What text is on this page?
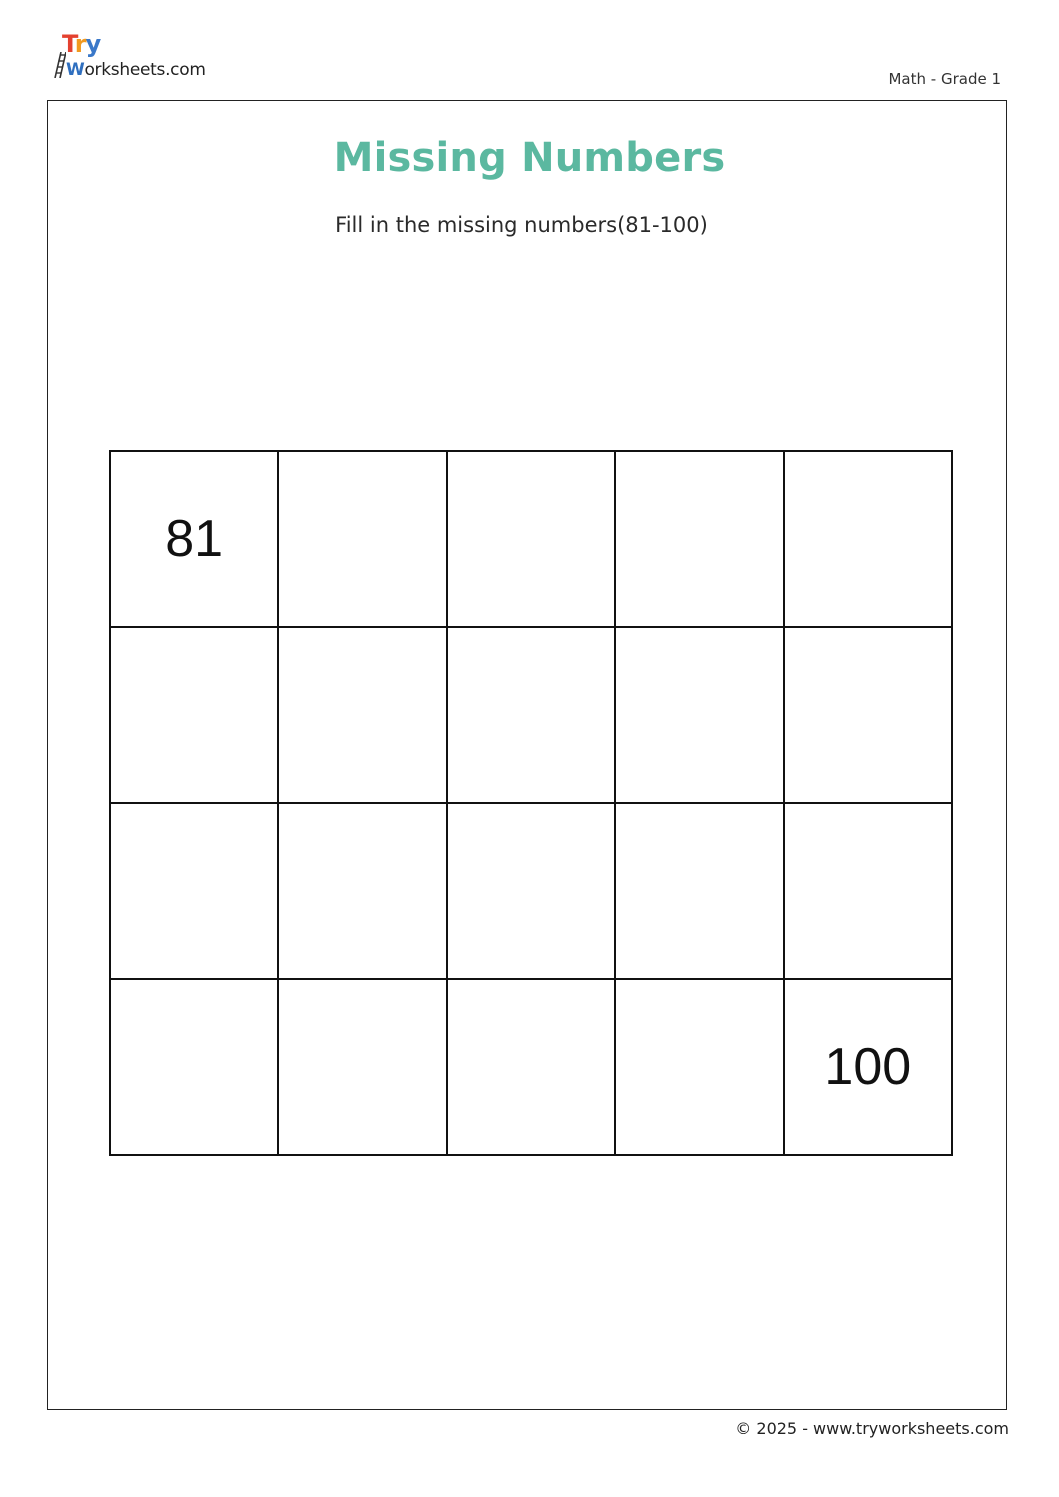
Try
Worksheets.com	Math - Grade 1
Missing Numbers
Fill in the missing numbers(81-100)
81
100
© 2025 - www.tryworksheets.com
